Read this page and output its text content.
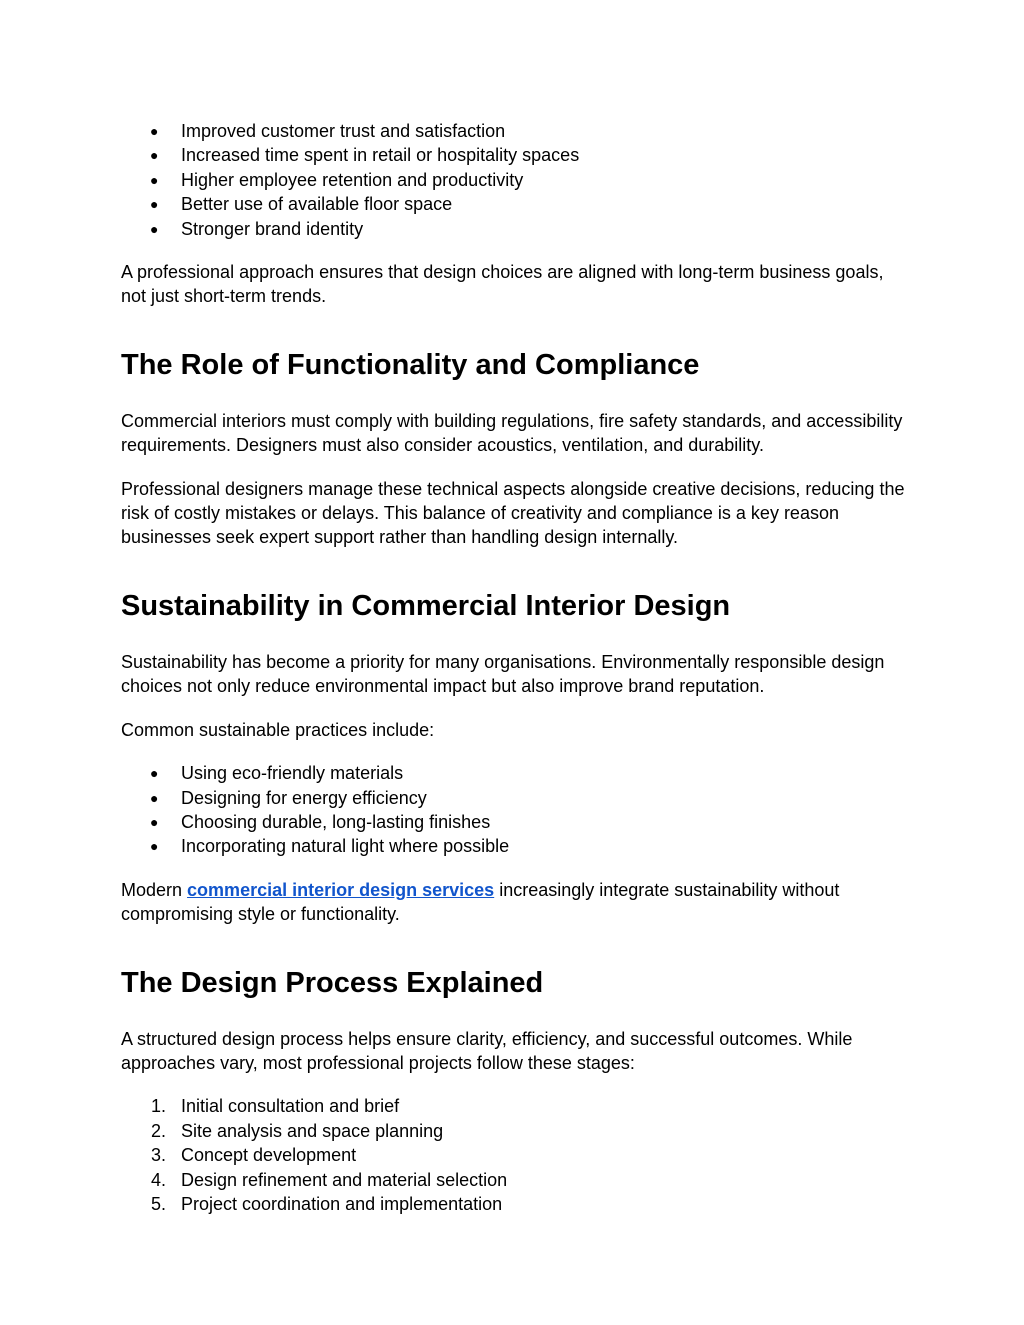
● Improved customer trust and satisfaction
● Increased time spent in retail or hospitality spaces
● Higher employee retention and productivity
● Better use of available floor space
● Stronger brand identity

A professional approach ensures that design choices are aligned with long-term business goals, not just short-term trends.

The Role of Functionality and Compliance

Commercial interiors must comply with building regulations, fire safety standards, and accessibility requirements. Designers must also consider acoustics, ventilation, and durability.

Professional designers manage these technical aspects alongside creative decisions, reducing the risk of costly mistakes or delays. This balance of creativity and compliance is a key reason businesses seek expert support rather than handling design internally.

Sustainability in Commercial Interior Design

Sustainability has become a priority for many organisations. Environmentally responsible design choices not only reduce environmental impact but also improve brand reputation.

Common sustainable practices include:

● Using eco-friendly materials
● Designing for energy efficiency
● Choosing durable, long-lasting finishes
● Incorporating natural light where possible

Modern commercial interior design services increasingly integrate sustainability without compromising style or functionality.

The Design Process Explained

A structured design process helps ensure clarity, efficiency, and successful outcomes. While approaches vary, most professional projects follow these stages:

1. Initial consultation and brief
2. Site analysis and space planning
3. Concept development
4. Design refinement and material selection
5. Project coordination and implementation
